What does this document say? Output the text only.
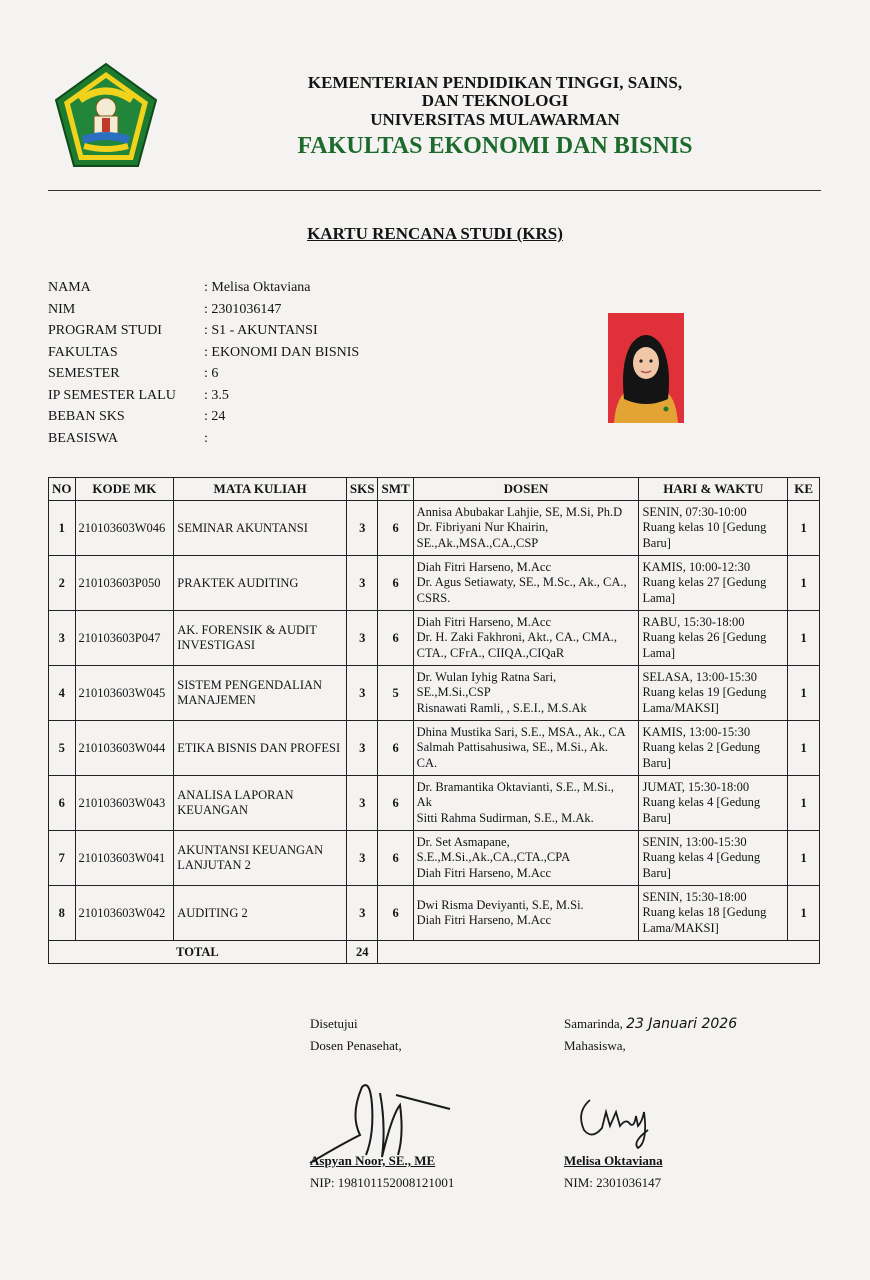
KEMENTERIAN PENDIDIKAN TINGGI, SAINS,
DAN TEKNOLOGI
UNIVERSITAS MULAWARMAN
FAKULTAS EKONOMI DAN BISNIS
KARTU RENCANA STUDI (KRS)
NAMA	: Melisa Oktaviana
NIM	: 2301036147
PROGRAM STUDI	: S1 - AKUNTANSI
FAKULTAS	: EKONOMI DAN BISNIS
SEMESTER	: 6
IP SEMESTER LALU	: 3.5
BEBAN SKS	: 24
BEASISWA	:
NO	KODE MK	MATA KULIAH	SKS	SMT	DOSEN	HARI & WAKTU	KE
1	210103603W046	SEMINAR AKUNTANSI	3	6	Annisa Abubakar Lahjie, SE, M.Si, Ph.D
Dr. Fibriyani Nur Khairin,
SE.,Ak.,MSA.,CA.,CSP	SENIN, 07:30-10:00
Ruang kelas 10 [Gedung
Baru]	1
2	210103603P050	PRAKTEK AUDITING	3	6	Diah Fitri Harseno, M.Acc
Dr. Agus Setiawaty, SE., M.Sc., Ak., CA.,
CSRS.	KAMIS, 10:00-12:30
Ruang kelas 27 [Gedung
Lama]	1
3	210103603P047	AK. FORENSIK & AUDIT INVESTIGASI	3	6	Diah Fitri Harseno, M.Acc
Dr. H. Zaki Fakhroni, Akt., CA., CMA.,
CTA., CFrA., CIIQA.,CIQaR	RABU, 15:30-18:00
Ruang kelas 26 [Gedung
Lama]	1
4	210103603W045	SISTEM PENGENDALIAN MANAJEMEN	3	5	Dr. Wulan Iyhig Ratna Sari,
SE.,M.Si.,CSP
Risnawati Ramli, , S.E.I., M.S.Ak	SELASA, 13:00-15:30
Ruang kelas 19 [Gedung
Lama/MAKSI]	1
5	210103603W044	ETIKA BISNIS DAN PROFESI	3	6	Dhina Mustika Sari, S.E., MSA., Ak., CA
Salmah Pattisahusiwa, SE., M.Si., Ak.
CA.	KAMIS, 13:00-15:30
Ruang kelas 2 [Gedung
Baru]	1
6	210103603W043	ANALISA LAPORAN KEUANGAN	3	6	Dr. Bramantika Oktavianti, S.E., M.Si.,
Ak
Sitti Rahma Sudirman, S.E., M.Ak.	JUMAT, 15:30-18:00
Ruang kelas 4 [Gedung
Baru]	1
7	210103603W041	AKUNTANSI KEUANGAN LANJUTAN 2	3	6	Dr. Set Asmapane,
S.E.,M.Si.,Ak.,CA.,CTA.,CPA
Diah Fitri Harseno, M.Acc	SENIN, 13:00-15:30
Ruang kelas 4 [Gedung
Baru]	1
8	210103603W042	AUDITING 2	3	6	Dwi Risma Deviyanti, S.E, M.Si.
Diah Fitri Harseno, M.Acc	SENIN, 15:30-18:00
Ruang kelas 18 [Gedung
Lama/MAKSI]	1
TOTAL			24				
Disetujui
Dosen Penasehat,
Aspyan Noor, SE., ME
NIP: 198101152008121001
Samarinda, 23 Januari 2026
Mahasiswa,
Melisa Oktaviana
NIM: 2301036147
